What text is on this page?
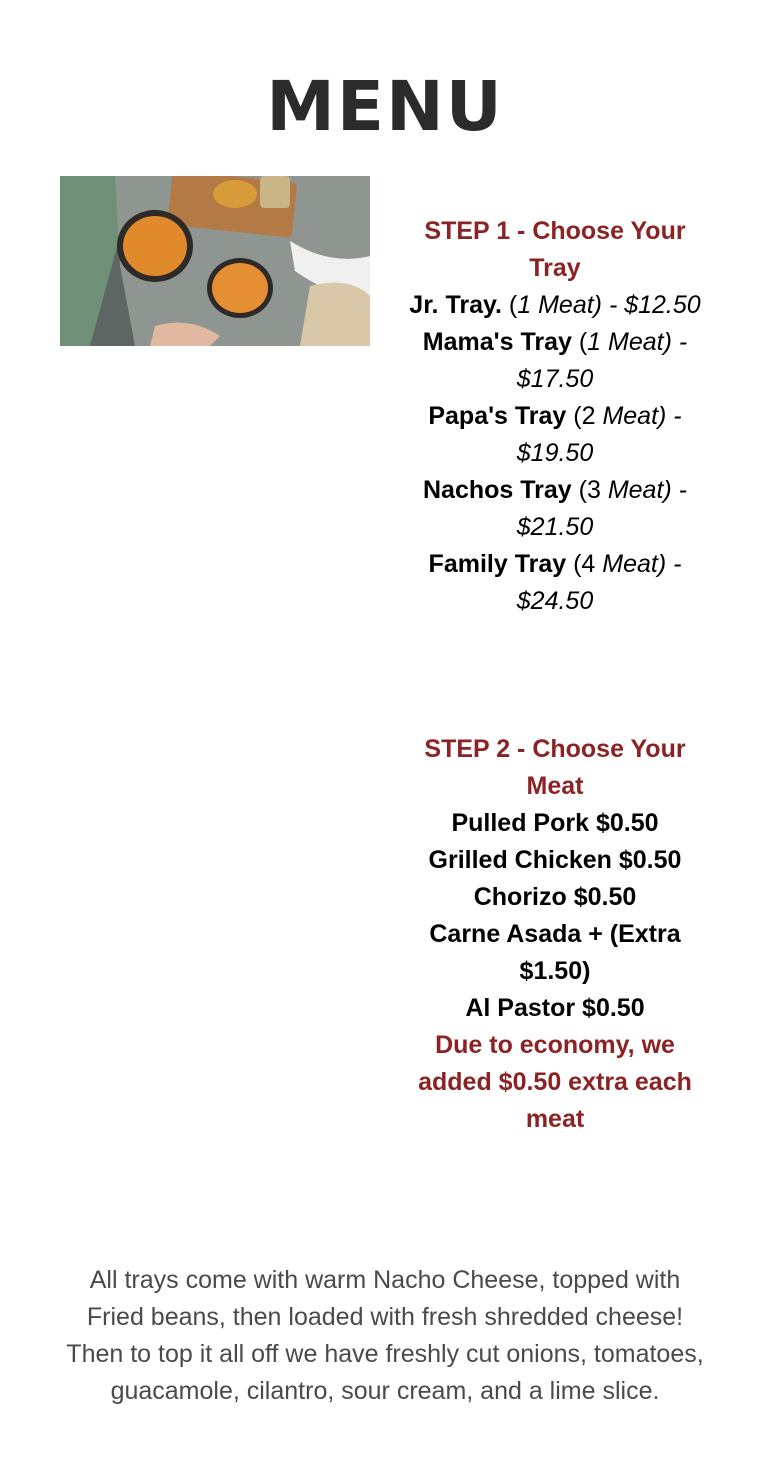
MENU
STEP 1 - Choose Your Tray
Jr. Tray. (1 Meat) - $12.50
Mama's Tray (1 Meat) - $17.50
Papa's Tray (2 Meat) - $19.50
Nachos Tray (3 Meat) - $21.50
Family Tray (4 Meat) - $24.50
STEP 2 - Choose Your Meat
Pulled Pork $0.50
Grilled Chicken $0.50
Chorizo $0.50
Carne Asada + (Extra $1.50)
Al Pastor $0.50
Due to economy, we added $0.50 extra each meat
All trays come with warm Nacho Cheese, topped with Fried beans, then loaded with fresh shredded cheese!
Then to top it all off we have freshly cut onions, tomatoes, guacamole, cilantro, sour cream, and a lime slice.
